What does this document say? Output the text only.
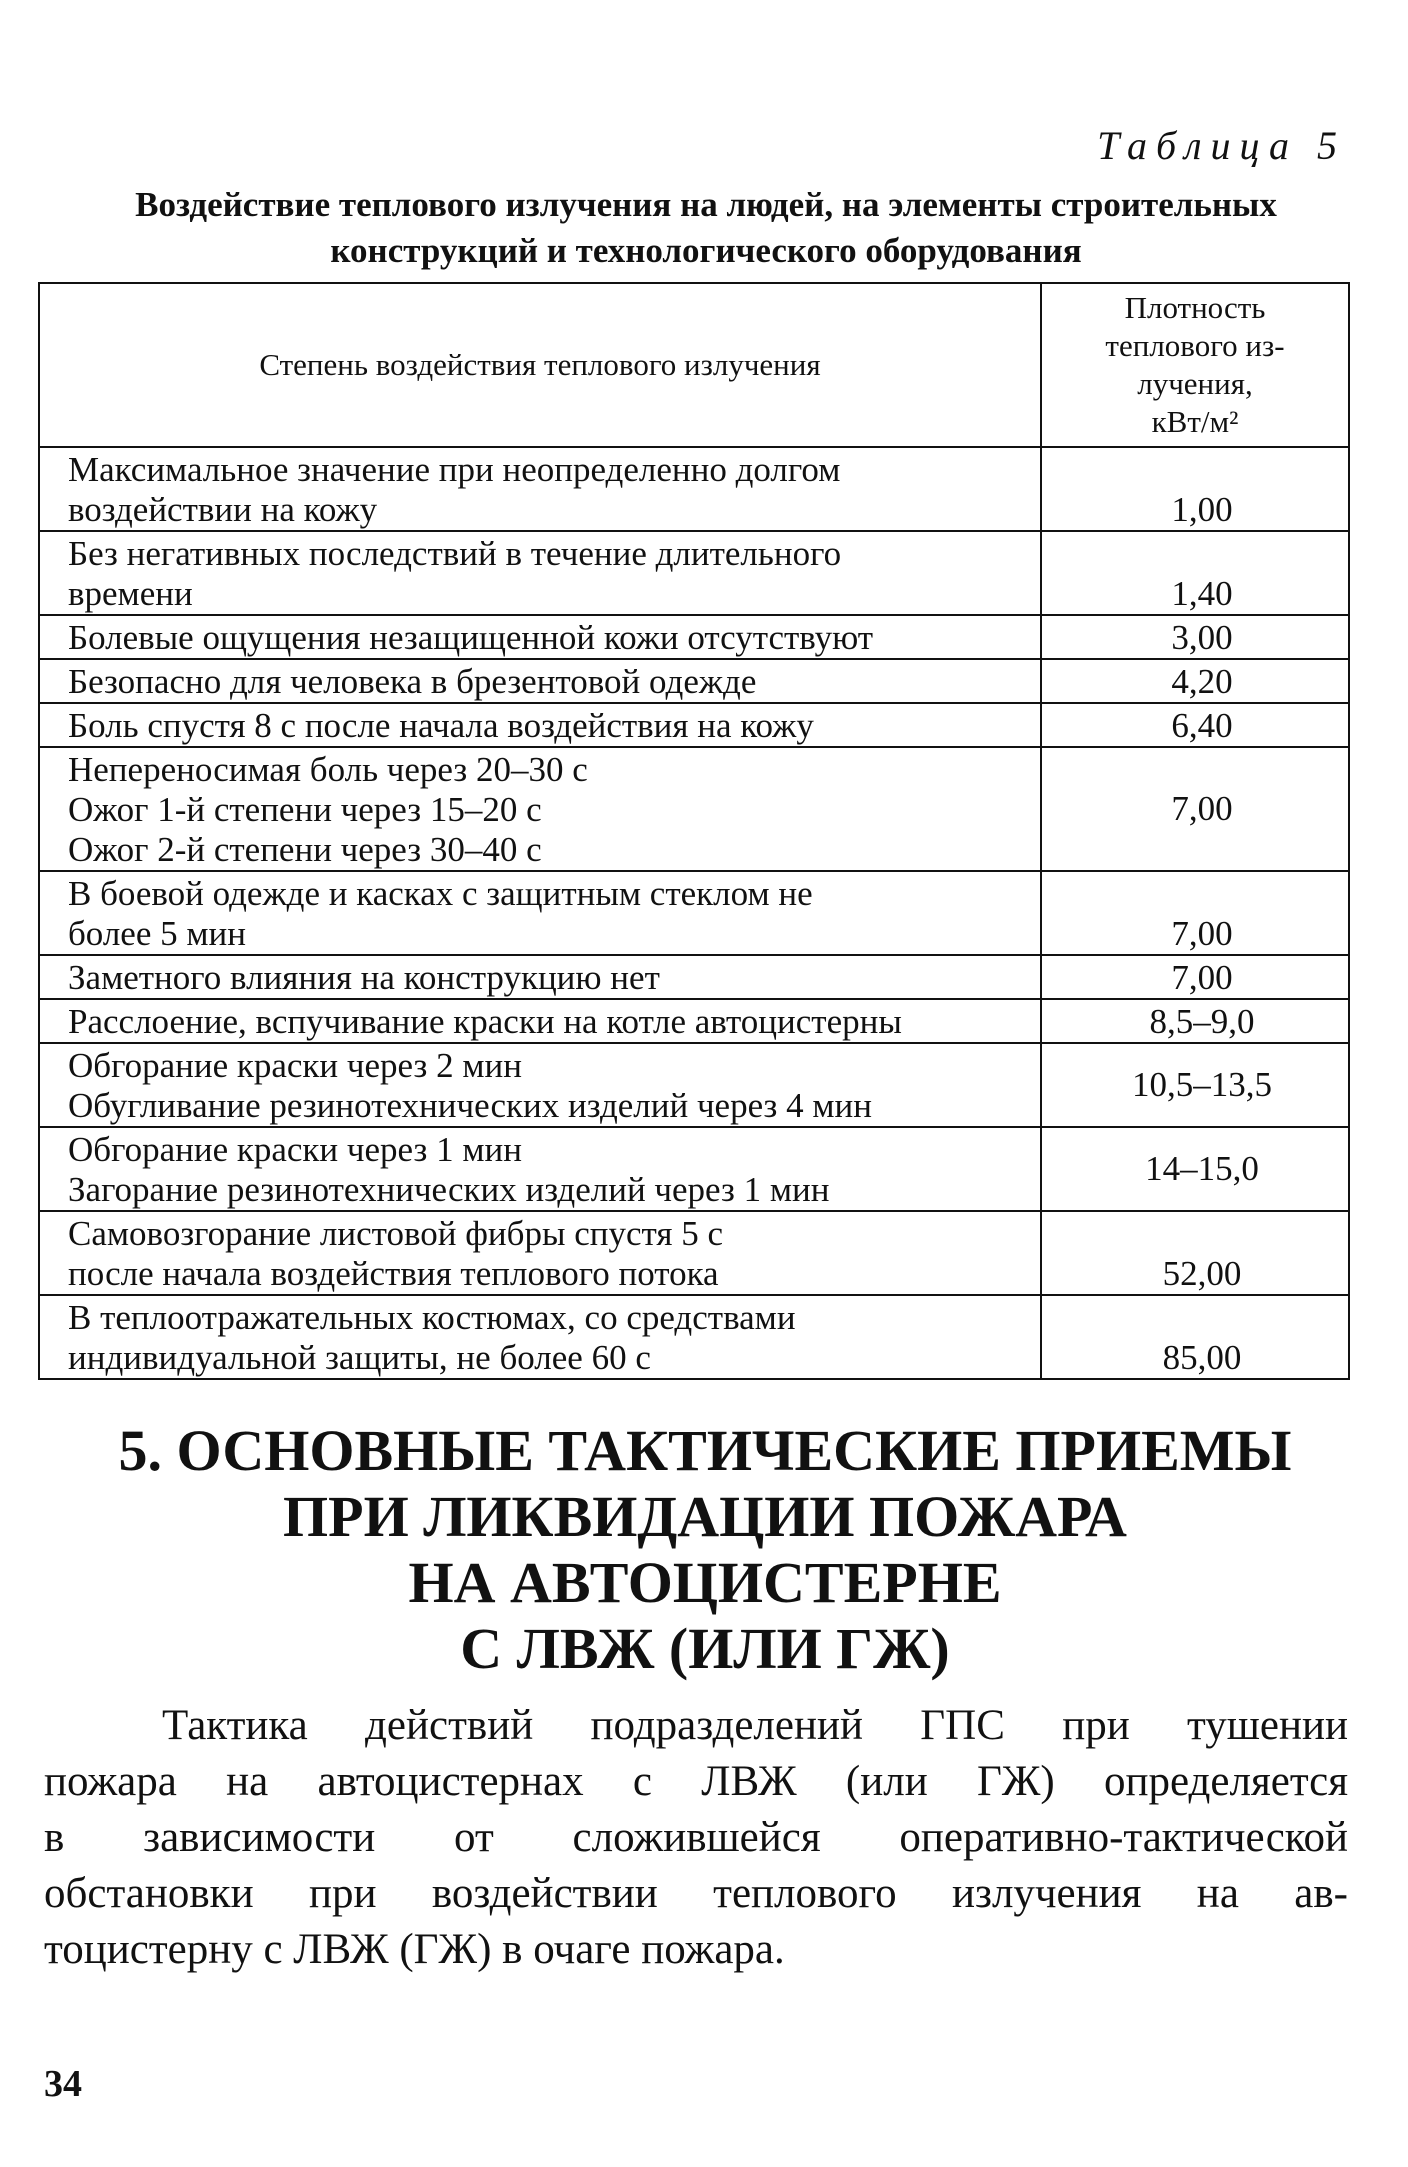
Таблица 5
Воздействие теплового излучения на людей, на элементы строительных
конструкций и технологического оборудования
Степень воздействия теплового излучения	Плотность
теплового из-
лучения,
кВт/м²

Максимальное значение при неопределенно долгом
воздействии на кожу	1,00

Без негативных последствий в течение длительного
времени	1,40

Болевые ощущения незащищенной кожи отсутствуют	3,00

Безопасно для человека в брезентовой одежде	4,20

Боль спустя 8 с после начала воздействия на кожу	6,40

Непереносимая боль через 20–30 с
Ожог 1-й степени через 15–20 с
Ожог 2-й степени через 30–40 с	7,00

В боевой одежде и касках с защитным стеклом не
более 5 мин	7,00

Заметного влияния на конструкцию нет	7,00

Расслоение, вспучивание краски на котле автоцистерны	8,5–9,0

Обгорание краски через 2 мин
Обугливание резинотехнических изделий через 4 мин	10,5–13,5

Обгорание краски через 1 мин
Загорание резинотехнических изделий через 1 мин	14–15,0

Самовозгорание листовой фибры спустя 5 с
после начала воздействия теплового потока	52,00

В теплоотражательных костюмах, со средствами
индивидуальной защиты, не более 60 с	85,00
5. ОСНОВНЫЕ ТАКТИЧЕСКИЕ ПРИЕМЫ
ПРИ ЛИКВИДАЦИИ ПОЖАРА
НА АВТОЦИСТЕРНЕ
С ЛВЖ (ИЛИ ГЖ)
Тактика действий подразделений ГПС при тушении
пожара на автоцистернах с ЛВЖ (или ГЖ) определяется
в зависимости от сложившейся оперативно-тактической
обстановки при воздействии теплового излучения на ав-
тоцистерну с ЛВЖ (ГЖ) в очаге пожара.
34
